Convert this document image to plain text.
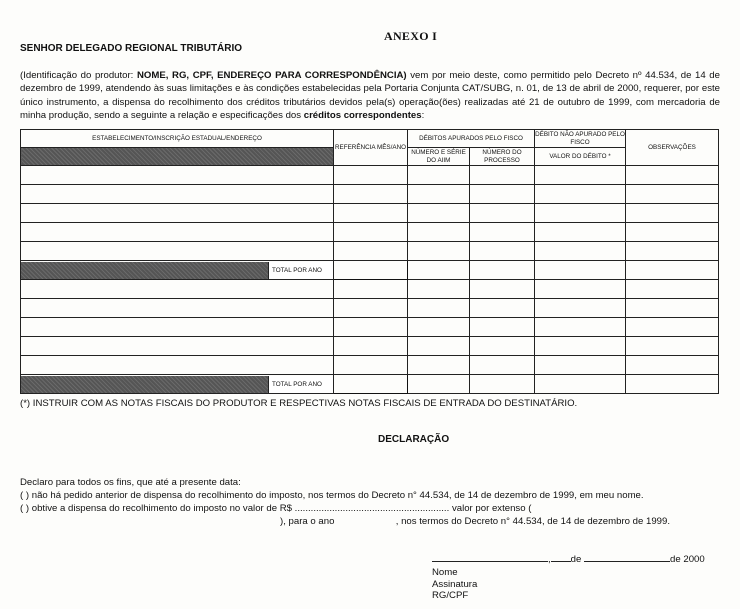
ANEXO I
SENHOR DELEGADO REGIONAL TRIBUTÁRIO
(Identificação do produtor: NOME, RG, CPF, ENDEREÇO PARA CORRESPONDÊNCIA) vem por meio deste, como permitido pelo Decreto nº 44.534, de 14 de dezembro de 1999, atendendo às suas limitações e às condições estabelecidas pela Portaria Conjunta CAT/SUBG, n. 01, de 13 de abril de 2000, requerer, por este único instrumento, a dispensa do recolhimento dos créditos tributários devidos pela(s) operação(ões) realizadas até 21 de outubro de 1999, com mercadoria de minha produção, sendo a seguinte a relação e especificações dos créditos correspondentes:
ESTABELECIMENTO/INSCRIÇÃO ESTADUAL/ENDEREÇO	REFERÊNCIA MÊS/ANO	DÉBITOS APURADOS PELO FISCO		DÉBITO NÃO APURADO PELO FISCO	OBSERVAÇÕES
		NÚMERO E SÉRIE DO AIIM	NÚMERO DO PROCESSO	VALOR DO DÉBITO *	

TOTAL POR ANO					

TOTAL POR ANO					

(*) INSTRUIR COM AS NOTAS FISCAIS DO PRODUTOR E RESPECTIVAS NOTAS FISCAIS DE ENTRADA DO DESTINATÁRIO.
DECLARAÇÃO
Declaro para todos os fins, que até a presente data:
( ) não há pedido anterior de dispensa do recolhimento do imposto, nos termos do Decreto n° 44.534, de 14 de dezembro de 1999, em meu nome.
( ) obtive a dispensa do recolhimento do imposto no valor de R$ .......................................................... valor por extenso (
), para o ano	, nos termos do Decreto n° 44.534, de 14 de dezembro de 1999.
, de	de 2000
Nome
Assinatura
RG/CPF
